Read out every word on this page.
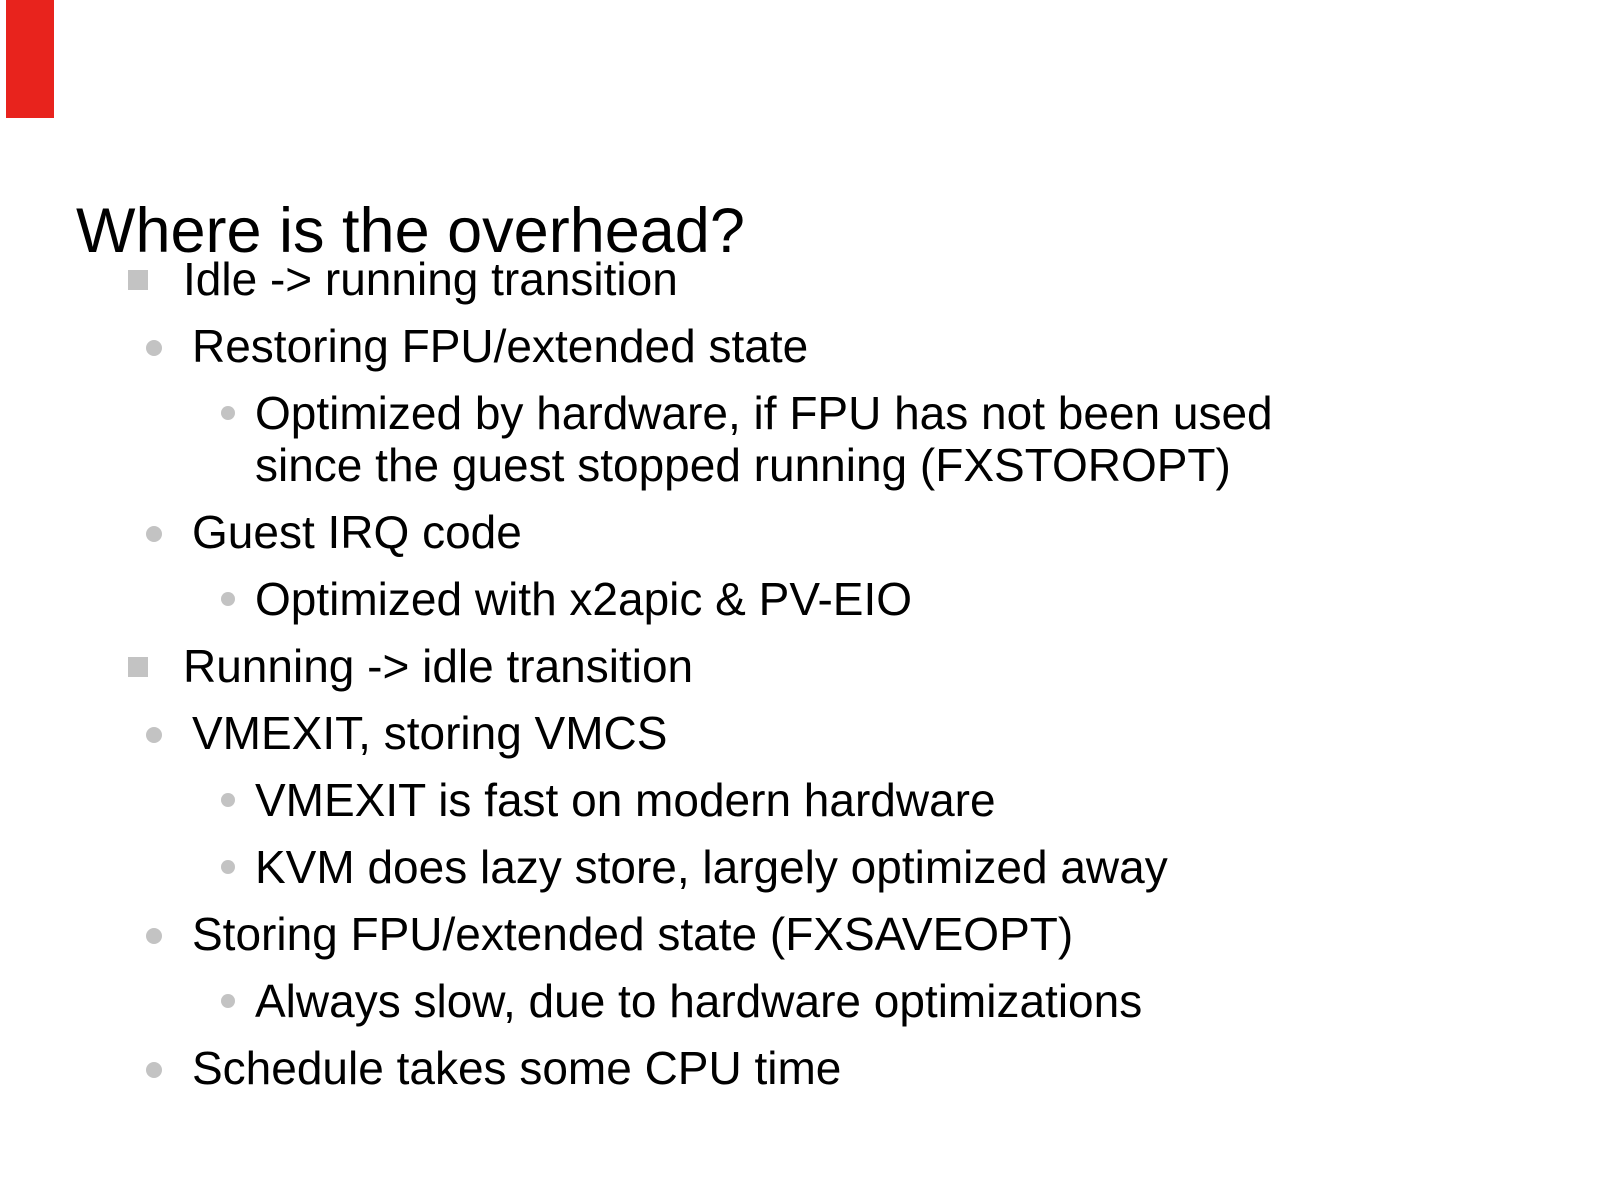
Where is the overhead?
Idle -> running transition
Restoring FPU/extended state
Optimized by hardware, if FPU has not been used
since the guest stopped running (FXSTOROPT)
Guest IRQ code
Optimized with x2apic & PV-EIO
Running -> idle transition
VMEXIT, storing VMCS
VMEXIT is fast on modern hardware
KVM does lazy store, largely optimized away
Storing FPU/extended state (FXSAVEOPT)
Always slow, due to hardware optimizations
Schedule takes some CPU time
